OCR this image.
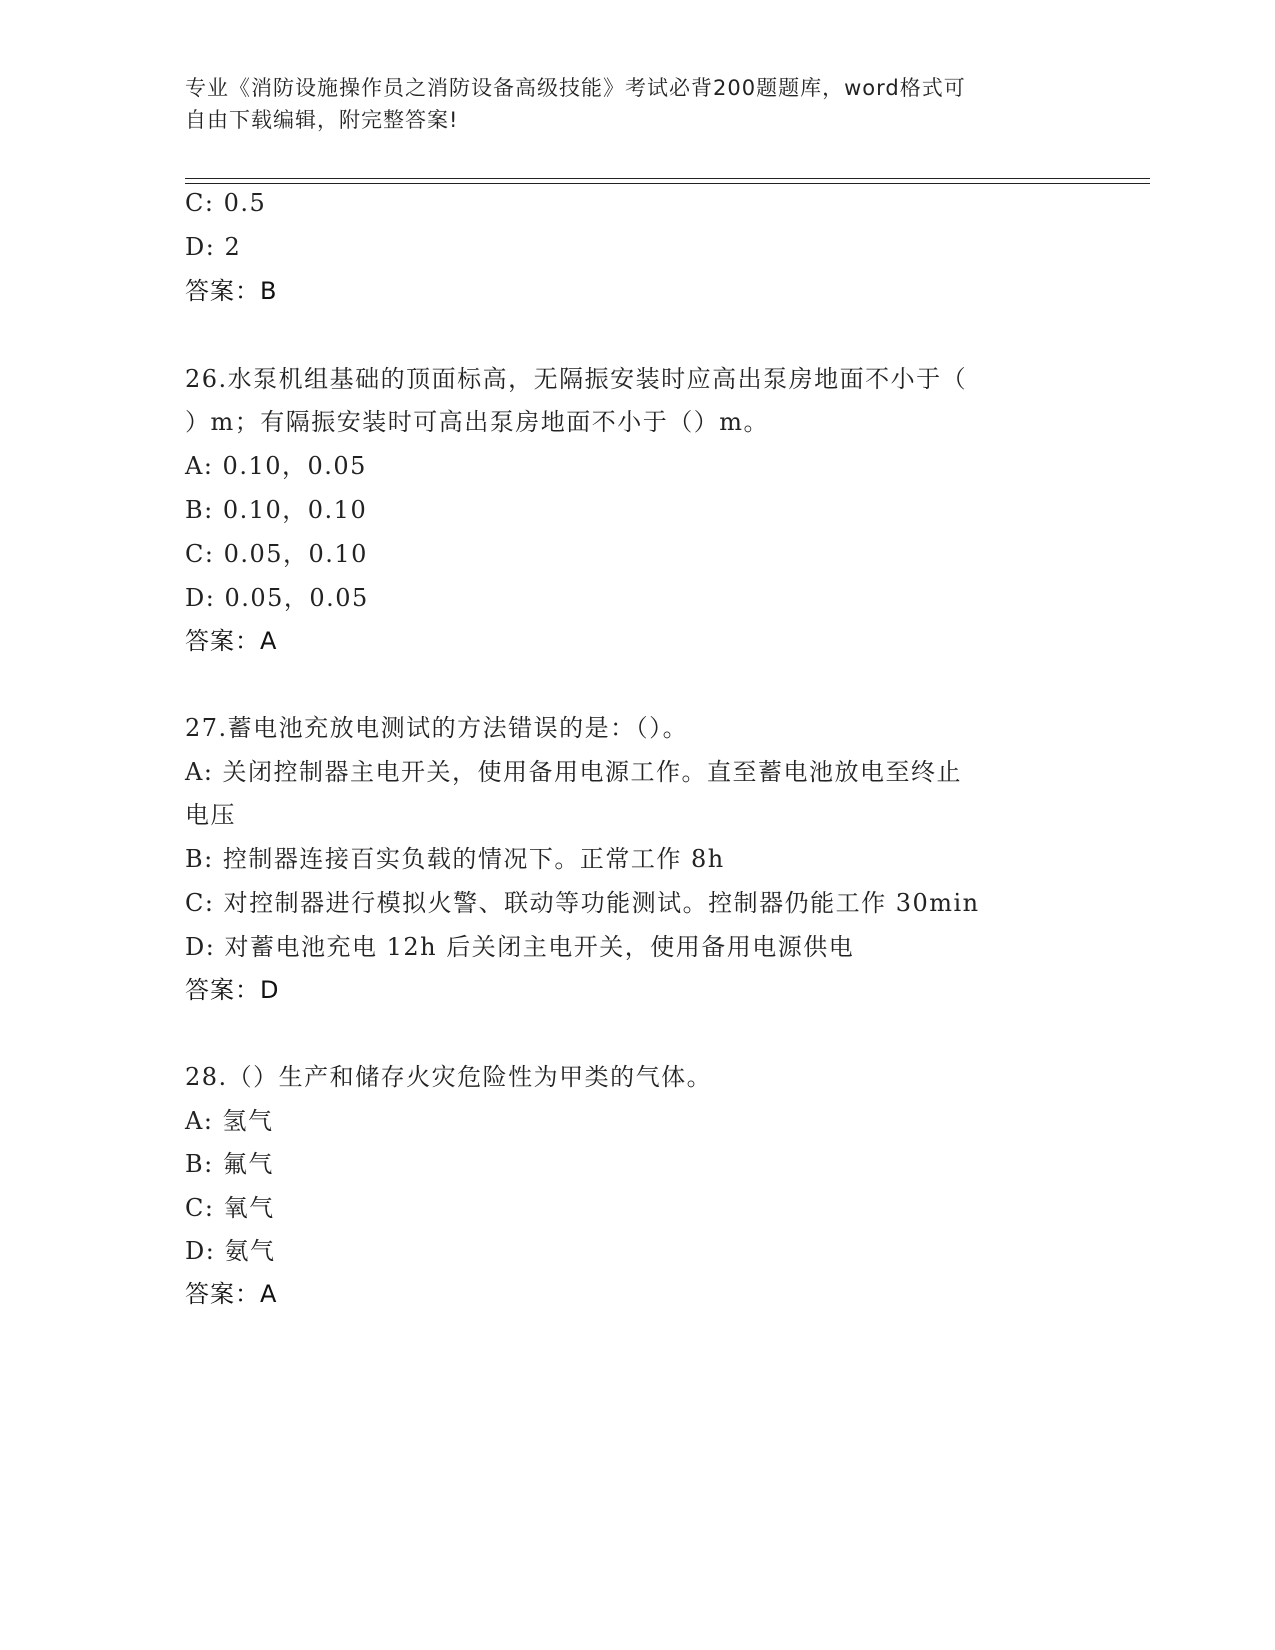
专业《消防设施操作员之消防设备高级技能》考试必背200题题库，word格式可
自由下载编辑，附完整答案!
C: 0.5
D: 2
答案：B
26.水泵机组基础的顶面标高，无隔振安装时应高出泵房地面不小于（
）m；有隔振安装时可高出泵房地面不小于（）m。
A: 0.10，0.05
B: 0.10，0.10
C: 0.05，0.10
D: 0.05，0.05
答案：A
27.蓄电池充放电测试的方法错误的是：（）。
A: 关闭控制器主电开关，使用备用电源工作。直至蓄电池放电至终止
电压
B: 控制器连接百实负载的情况下。正常工作 8h
C: 对控制器进行模拟火警、联动等功能测试。控制器仍能工作 30min
D: 对蓄电池充电 12h 后关闭主电开关，使用备用电源供电
答案：D
28.（）生产和储存火灾危险性为甲类的气体。
A: 氢气
B: 氟气
C: 氧气
D: 氨气
答案：A
